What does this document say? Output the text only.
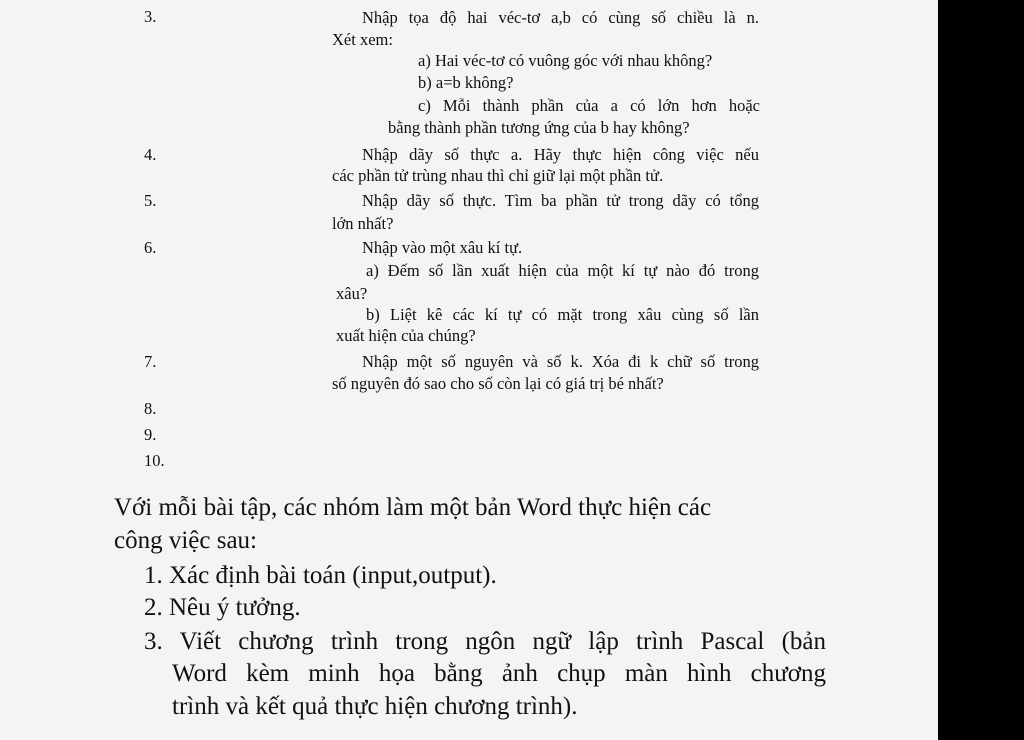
3.	Nhập tọa độ hai véc-tơ a,b có cùng số chiều là n.
Xét xem:
a) Hai véc-tơ có vuông góc với nhau không?
b) a=b không?
c) Mỗi thành phần của a có lớn hơn hoặc
bằng thành phần tương ứng của b hay không?
4.	Nhập dãy số thực a. Hãy thực hiện công việc nếu
các phần tử trùng nhau thì chỉ giữ lại một phần tử.
5.	Nhập dãy số thực. Tìm ba phần tử trong dãy có tổng
lớn nhất?
6.	Nhập vào một xâu kí tự.
a) Đếm số lần xuất hiện của một kí tự nào đó trong
xâu?
b) Liệt kê các kí tự có mặt trong xâu cùng số lần
xuất hiện của chúng?
7.	Nhập một số nguyên và số k. Xóa đi k chữ số trong
số nguyên đó sao cho số còn lại có giá trị bé nhất?
8.
9.
10.
Với mỗi bài tập, các nhóm làm một bản Word thực hiện các
công việc sau:
1. Xác định bài toán (input,output).
2. Nêu ý tưởng.
3. Viết chương trình trong ngôn ngữ lập trình Pascal (bản
Word kèm minh họa bằng ảnh chụp màn hình chương
trình và kết quả thực hiện chương trình).
